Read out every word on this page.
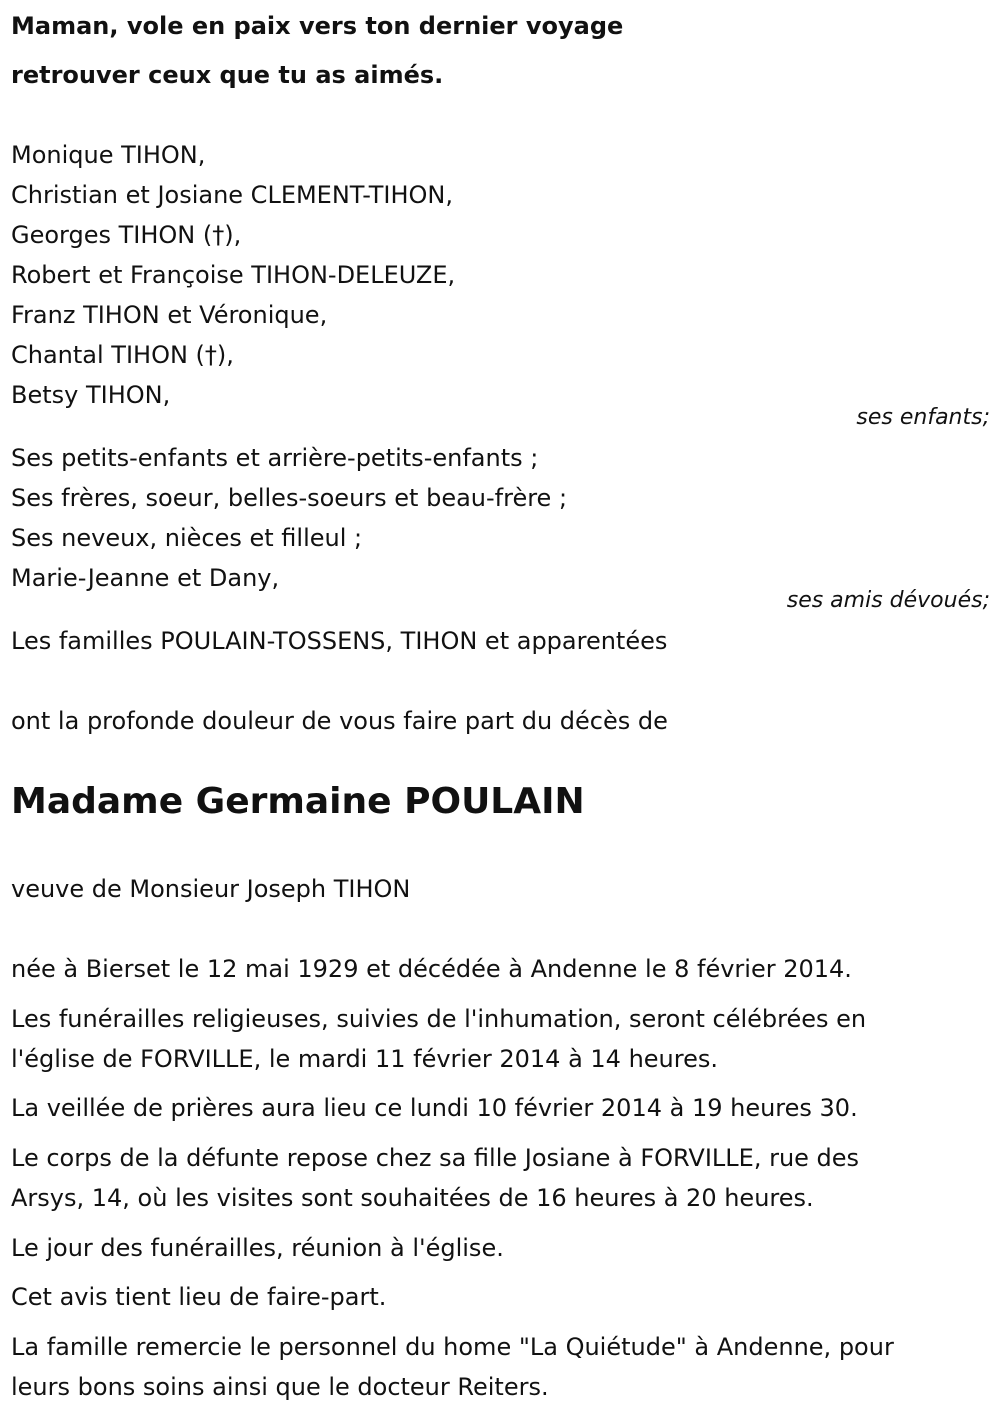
Maman, vole en paix vers ton dernier voyage
retrouver ceux que tu as aimés.
Monique TIHON,
Christian et Josiane CLEMENT-TIHON,
Georges TIHON (†),
Robert et Françoise TIHON-DELEUZE,
Franz TIHON et Véronique,
Chantal TIHON (†),
Betsy TIHON,
ses enfants;
Ses petits-enfants et arrière-petits-enfants ;
Ses frères, soeur, belles-soeurs et beau-frère ;
Ses neveux, nièces et filleul ;
Marie-Jeanne et Dany,
ses amis dévoués;
Les familles POULAIN-TOSSENS, TIHON et apparentées
ont la profonde douleur de vous faire part du décès de
Madame Germaine POULAIN
veuve de Monsieur Joseph TIHON
née à Bierset le 12 mai 1929 et décédée à Andenne le 8 février 2014.
Les funérailles religieuses, suivies de l'inhumation, seront célébrées en
l'église de FORVILLE, le mardi 11 février 2014 à 14 heures.
La veillée de prières aura lieu ce lundi 10 février 2014 à 19 heures 30.
Le corps de la défunte repose chez sa fille Josiane à FORVILLE, rue des
Arsys, 14, où les visites sont souhaitées de 16 heures à 20 heures.
Le jour des funérailles, réunion à l'église.
Cet avis tient lieu de faire-part.
La famille remercie le personnel du home "La Quiétude" à Andenne, pour
leurs bons soins ainsi que le docteur Reiters.
